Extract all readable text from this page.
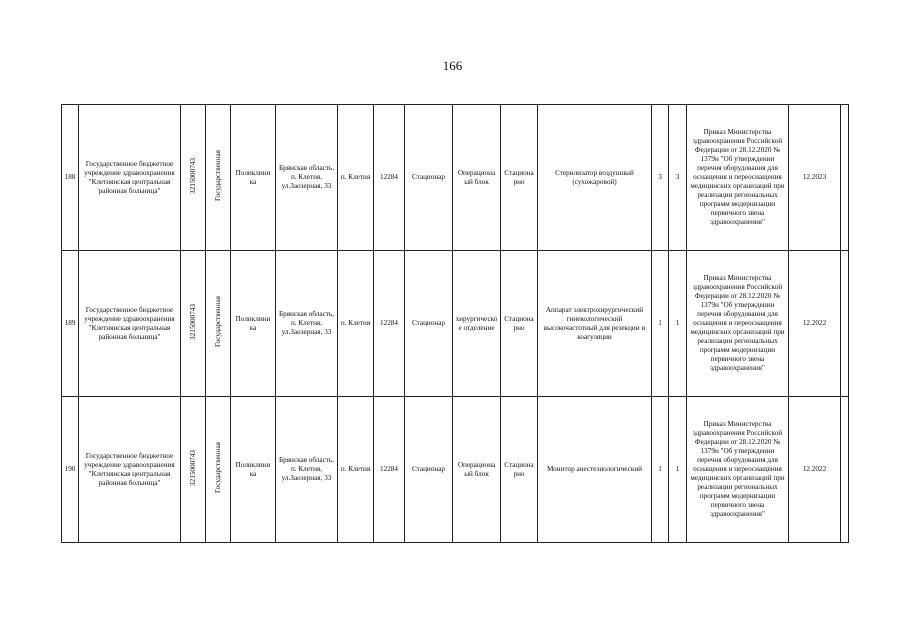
166
188	Государственное бюджетное учреждение здравоохранения "Клетнянская центральная районная больница"	3215000743	Государственная	Поликлини ка	Брянская область, п. Клетня, ул.Заозерная, 33	п. Клетня	12284	Стационар	Операциона ый блок	Стациона рно	Стерилизатор воздушный (сухожаровой)	3	3	Приказ Министерства здравоохранения Российской Федерации от 28.12.2020 № 1379н "Об утверждении перечня оборудования для оснащения и переоснащения медицинских организаций при реализации региональных программ модернизации первичного звена здравоохранения"	12.2023	
189	Государственное бюджетное учреждение здравоохранения "Клетнянская центральная районная больница"	3215000743	Государственная	Поликлини ка	Брянская область, п. Клетня, ул.Заозерная, 33	п. Клетня	12284	Стационар	хирургическо е отделение	Стациона рно	Аппарат электрохирургический гинекологический высокочастотный для резекции и коагуляции	1	1	Приказ Министерства здравоохранения Российской Федерации от 28.12.2020 № 1379н "Об утверждении перечня оборудования для оснащения и переоснащения медицинских организаций при реализации региональных программ модернизации первичного звена здравоохранения"	12.2022	
190	Государственное бюджетное учреждение здравоохранения "Клетнянская центральная районная больница"	3215000743	Государственная	Поликлини ка	Брянская область, п. Клетня, ул.Заозерная, 33	п. Клетня	12284	Стационар	Операциона ый блок	Стациона рно	Монитор анестезиологический	1	1	Приказ Министерства здравоохранения Российской Федерации от 28.12.2020 № 1379н "Об утверждении перечня оборудования для оснащения и переоснащения медицинских организаций при реализации региональных программ модернизации первичного звена здравоохранения"	12.2022	
